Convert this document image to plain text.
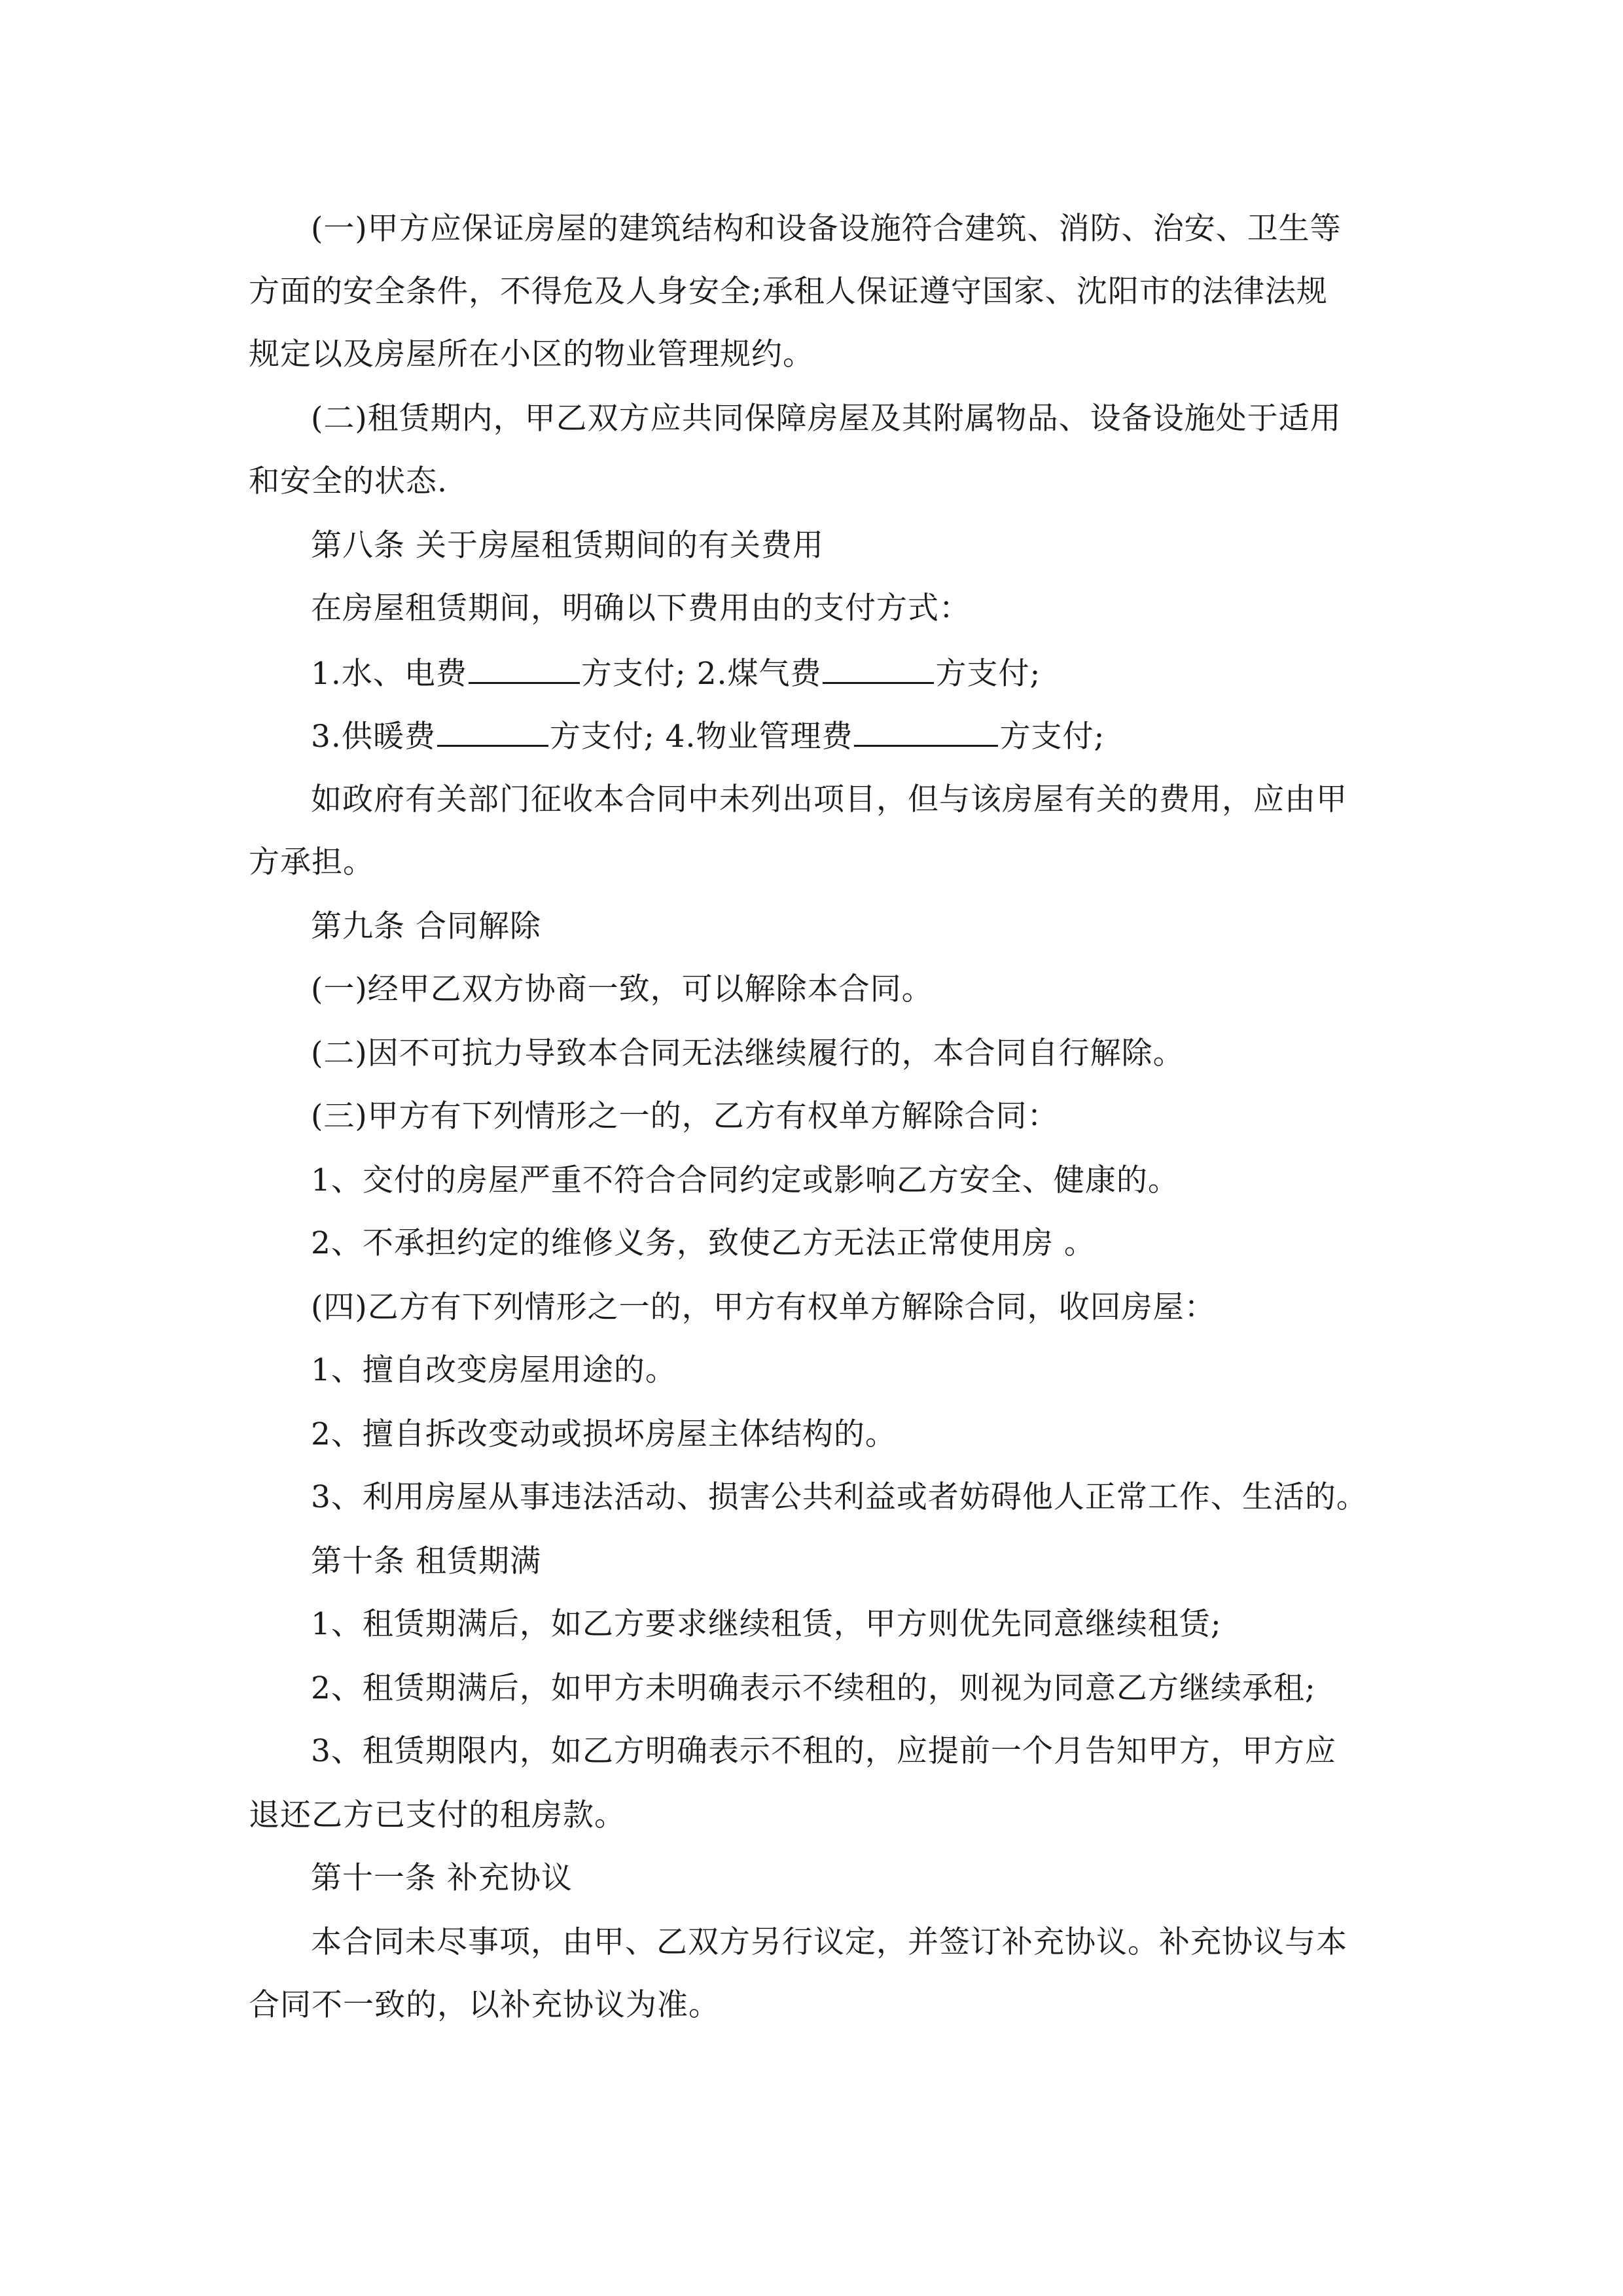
(一)甲方应保证房屋的建筑结构和设备设施符合建筑、消防、治安、卫生等

方面的安全条件，不得危及人身安全;承租人保证遵守国家、沈阳市的法律法规

规定以及房屋所在小区的物业管理规约。

(二)租赁期内，甲乙双方应共同保障房屋及其附属物品、设备设施处于适用

和安全的状态.

第八条 关于房屋租赁期间的有关费用

在房屋租赁期间，明确以下费用由的支付方式：

1.水、电费	方支付; 2.煤气费	方支付;

3.供暖费	方支付; 4.物业管理费	方支付;

如政府有关部门征收本合同中未列出项目，但与该房屋有关的费用，应由甲

方承担。

第九条 合同解除

(一)经甲乙双方协商一致，可以解除本合同。

(二)因不可抗力导致本合同无法继续履行的，本合同自行解除。

(三)甲方有下列情形之一的，乙方有权单方解除合同：

1、交付的房屋严重不符合合同约定或影响乙方安全、健康的。

2、不承担约定的维修义务，致使乙方无法正常使用房 。

(四)乙方有下列情形之一的，甲方有权单方解除合同，收回房屋：

1、擅自改变房屋用途的。

2、擅自拆改变动或损坏房屋主体结构的。

3、利用房屋从事违法活动、损害公共利益或者妨碍他人正常工作、生活的。

第十条 租赁期满

1、租赁期满后，如乙方要求继续租赁，甲方则优先同意继续租赁;

2、租赁期满后，如甲方未明确表示不续租的，则视为同意乙方继续承租;

3、租赁期限内，如乙方明确表示不租的，应提前一个月告知甲方，甲方应

退还乙方已支付的租房款。

第十一条 补充协议

本合同未尽事项，由甲、乙双方另行议定，并签订补充协议。补充协议与本

合同不一致的，以补充协议为准。
